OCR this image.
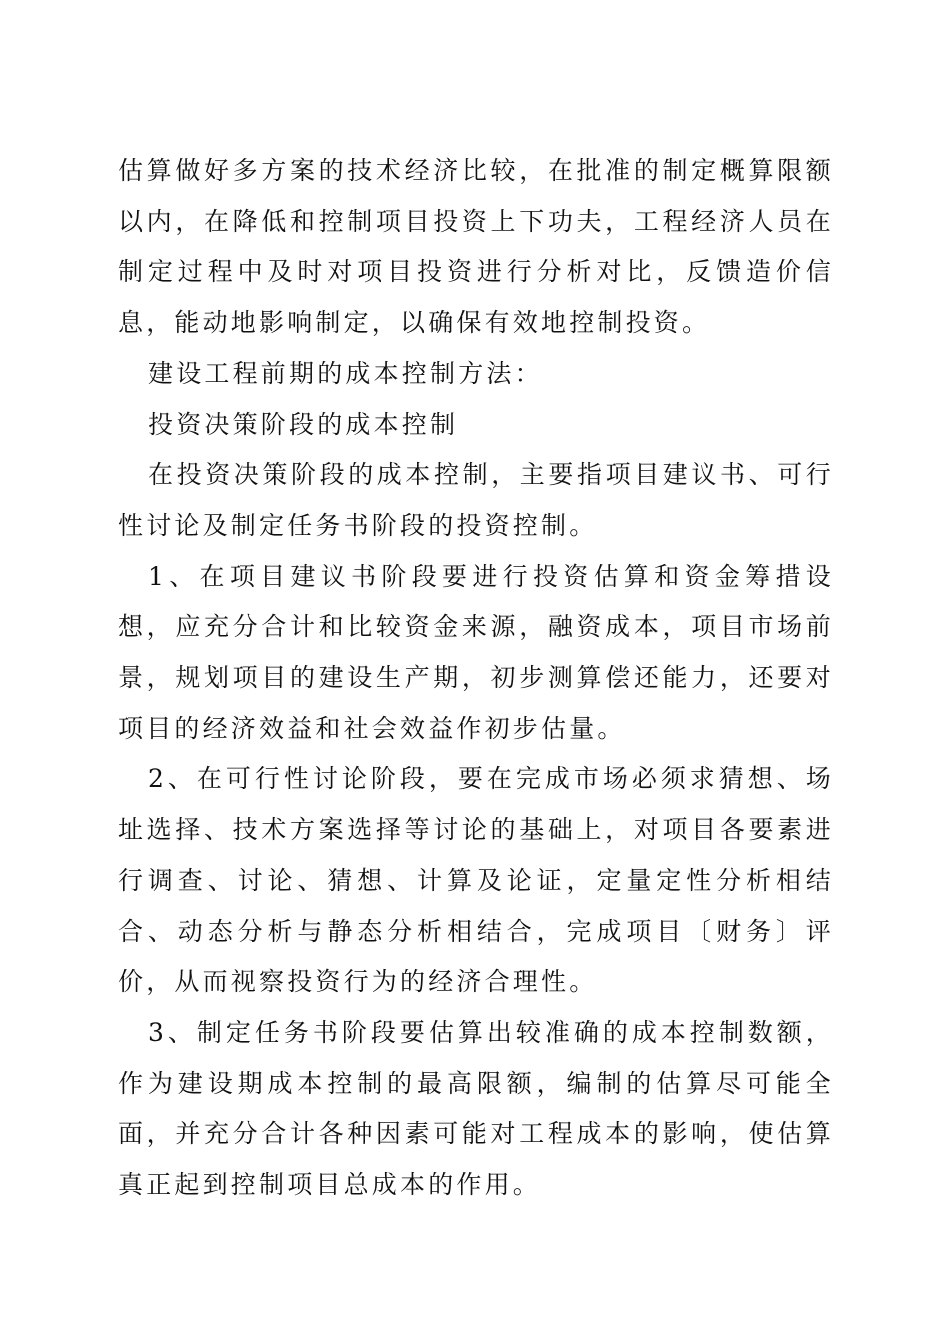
估算做好多方案的技术经济比较，在批准的制定概算限额以内，在降低和控制项目投资上下功夫，工程经济人员在制定过程中及时对项目投资进行分析对比，反馈造价信息，能动地影响制定，以确保有效地控制投资。

建设工程前期的成本控制方法：

投资决策阶段的成本控制

在投资决策阶段的成本控制，主要指项目建议书、可行性讨论及制定任务书阶段的投资控制。

1、在项目建议书阶段要进行投资估算和资金筹措设想，应充分合计和比较资金来源，融资成本，项目市场前景，规划项目的建设生产期，初步测算偿还能力，还要对项目的经济效益和社会效益作初步估量。

2、在可行性讨论阶段，要在完成市场必须求猜想、场址选择、技术方案选择等讨论的基础上，对项目各要素进行调查、讨论、猜想、计算及论证，定量定性分析相结合、动态分析与静态分析相结合，完成项目〔财务〕评价，从而视察投资行为的经济合理性。

3、制定任务书阶段要估算出较准确的成本控制数额，作为建设期成本控制的最高限额，编制的估算尽可能全面，并充分合计各种因素可能对工程成本的影响，使估算真正起到控制项目总成本的作用。
